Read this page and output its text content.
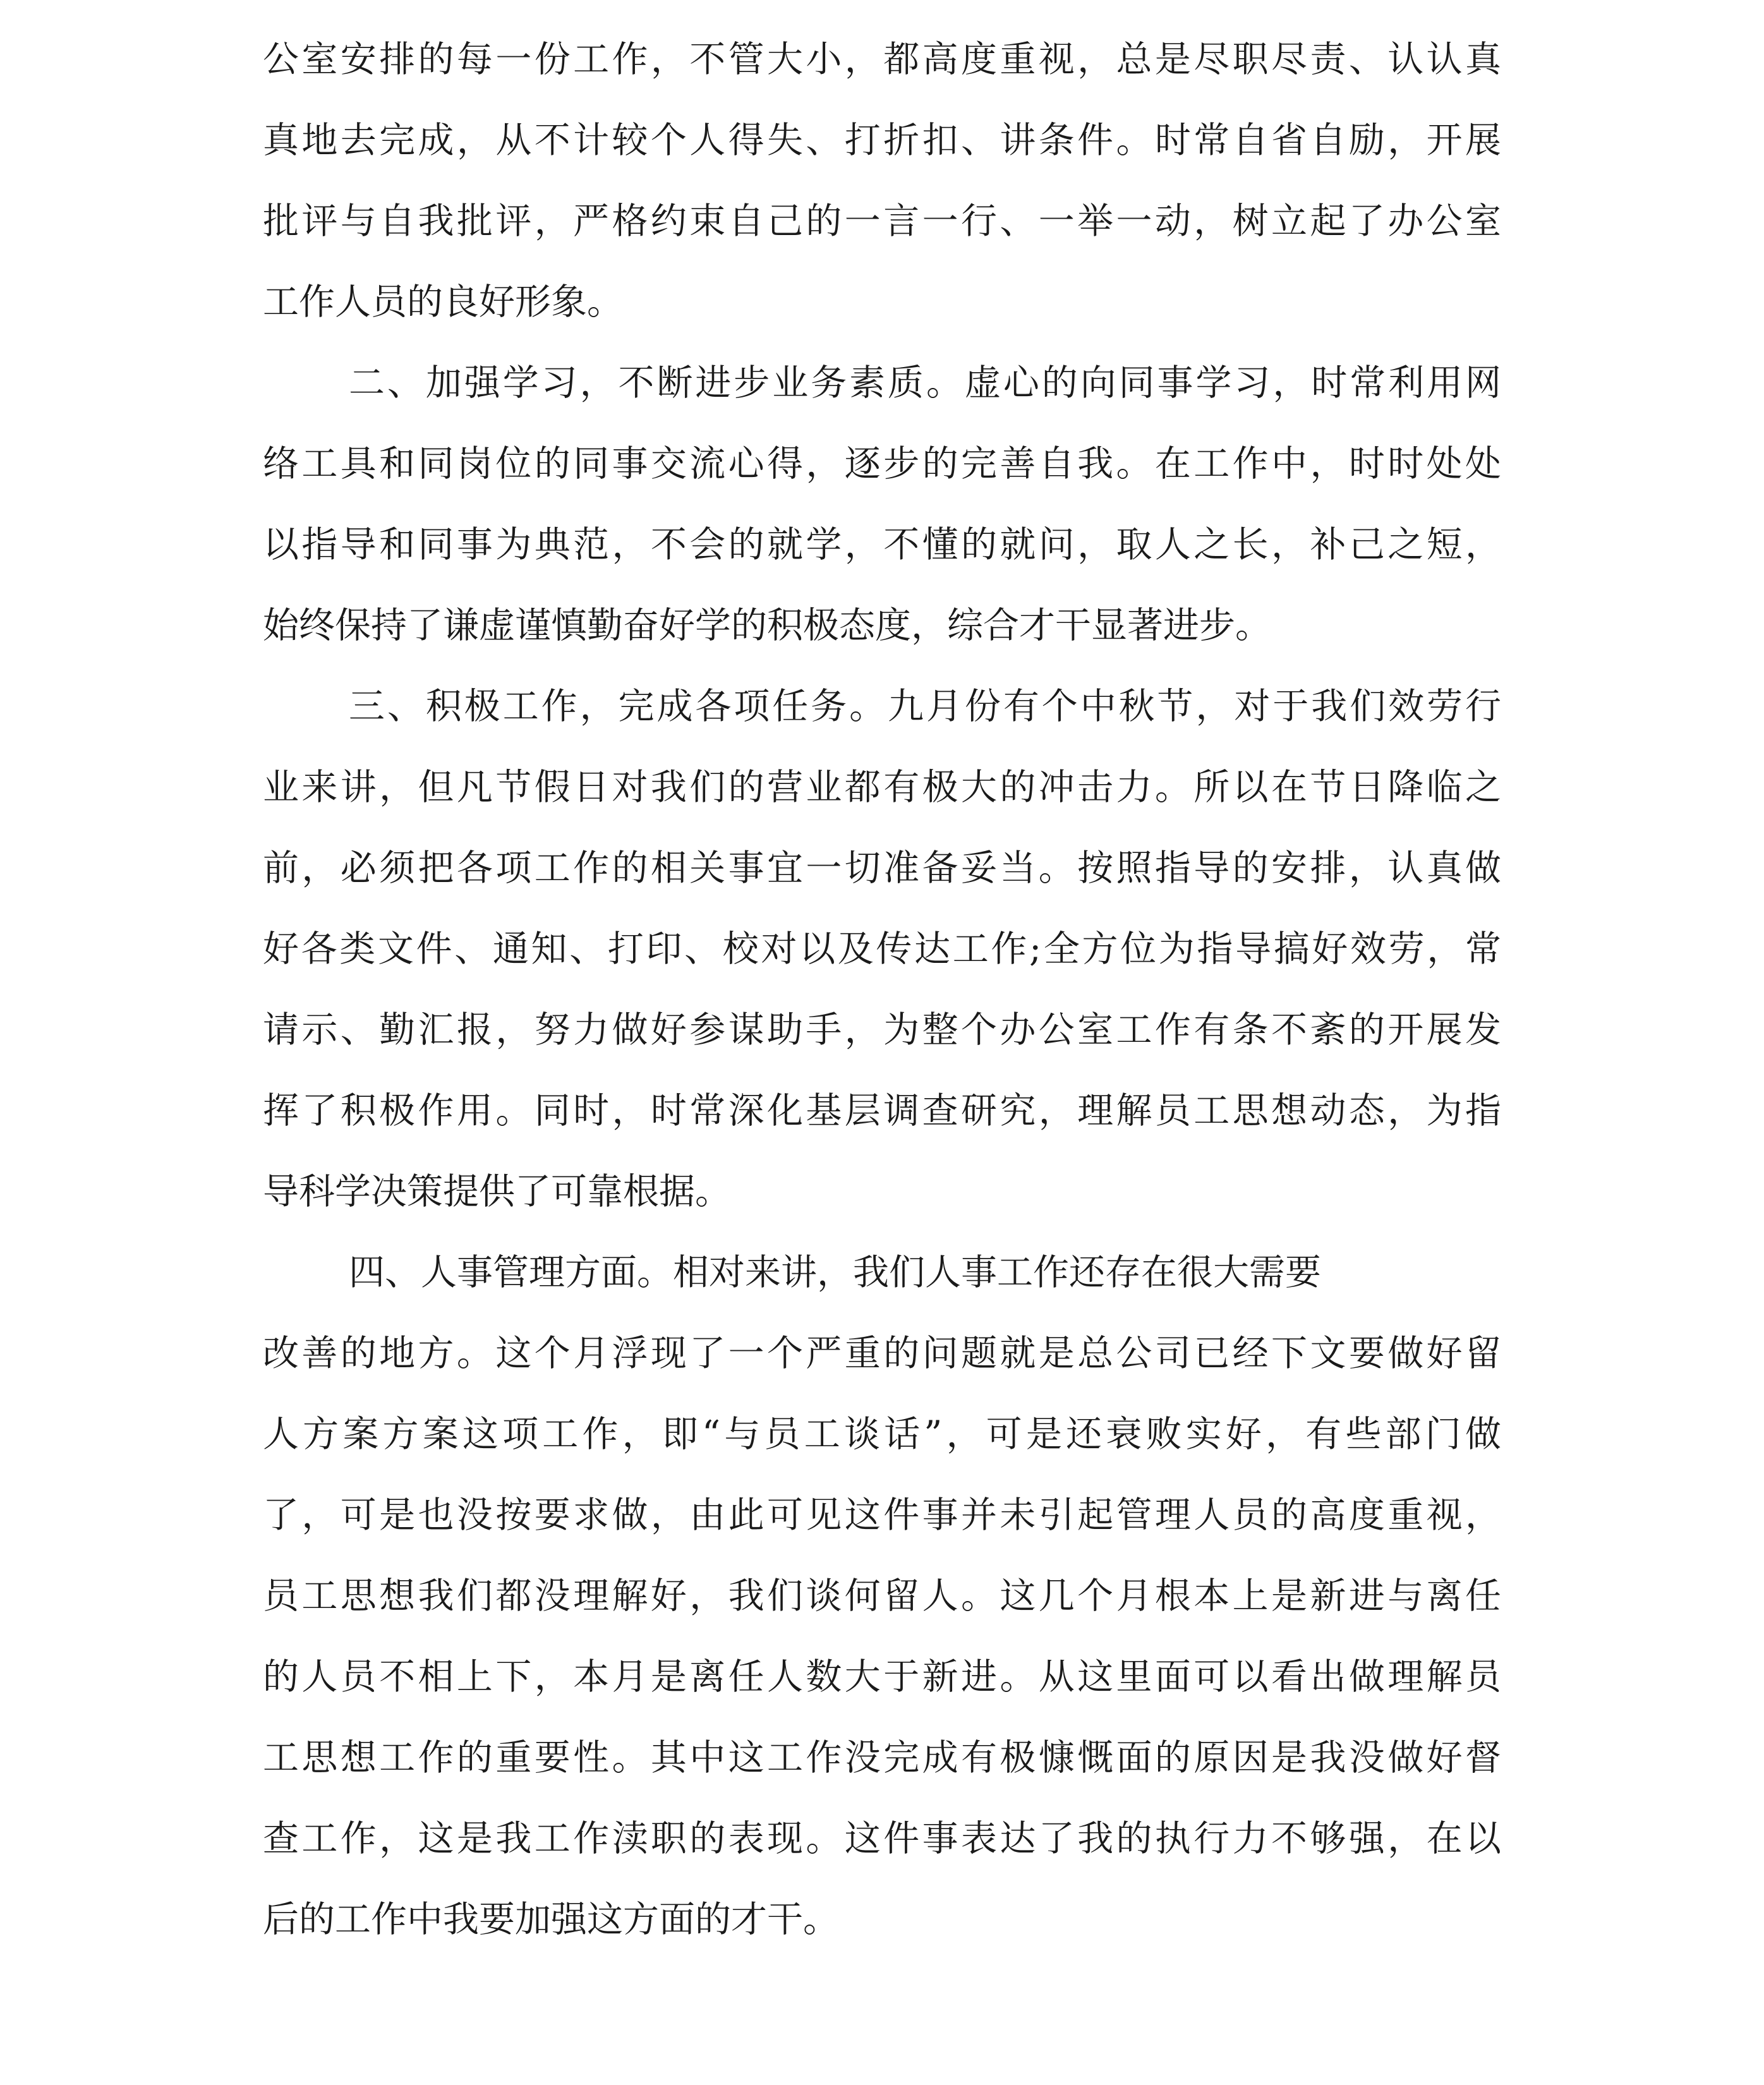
公室安排的每一份工作，不管大小，都高度重视，总是尽职尽责、认认真
真地去完成，从不计较个人得失、打折扣、讲条件。时常自省自励，开展
批评与自我批评，严格约束自己的一言一行、一举一动，树立起了办公室
工作人员的良好形象。
二、加强学习，不断进步业务素质。虚心的向同事学习，时常利用网
络工具和同岗位的同事交流心得，逐步的完善自我。在工作中，时时处处
以指导和同事为典范，不会的就学，不懂的就问，取人之长，补己之短，
始终保持了谦虚谨慎勤奋好学的积极态度，综合才干显著进步。
三、积极工作，完成各项任务。九月份有个中秋节，对于我们效劳行
业来讲，但凡节假日对我们的营业都有极大的冲击力。所以在节日降临之
前，必须把各项工作的相关事宜一切准备妥当。按照指导的安排，认真做
好各类文件、通知、打印、校对以及传达工作;全方位为指导搞好效劳，常
请示、勤汇报，努力做好参谋助手，为整个办公室工作有条不紊的开展发
挥了积极作用。同时，时常深化基层调查研究，理解员工思想动态，为指
导科学决策提供了可靠根据。
四、人事管理方面。相对来讲，我们人事工作还存在很大需要
改善的地方。这个月浮现了一个严重的问题就是总公司已经下文要做好留
人方案方案这项工作，即“与员工谈话”，可是还衰败实好，有些部门做
了，可是也没按要求做，由此可见这件事并未引起管理人员的高度重视，
员工思想我们都没理解好，我们谈何留人。这几个月根本上是新进与离任
的人员不相上下，本月是离任人数大于新进。从这里面可以看出做理解员
工思想工作的重要性。其中这工作没完成有极慷慨面的原因是我没做好督
查工作，这是我工作渎职的表现。这件事表达了我的执行力不够强，在以
后的工作中我要加强这方面的才干。
